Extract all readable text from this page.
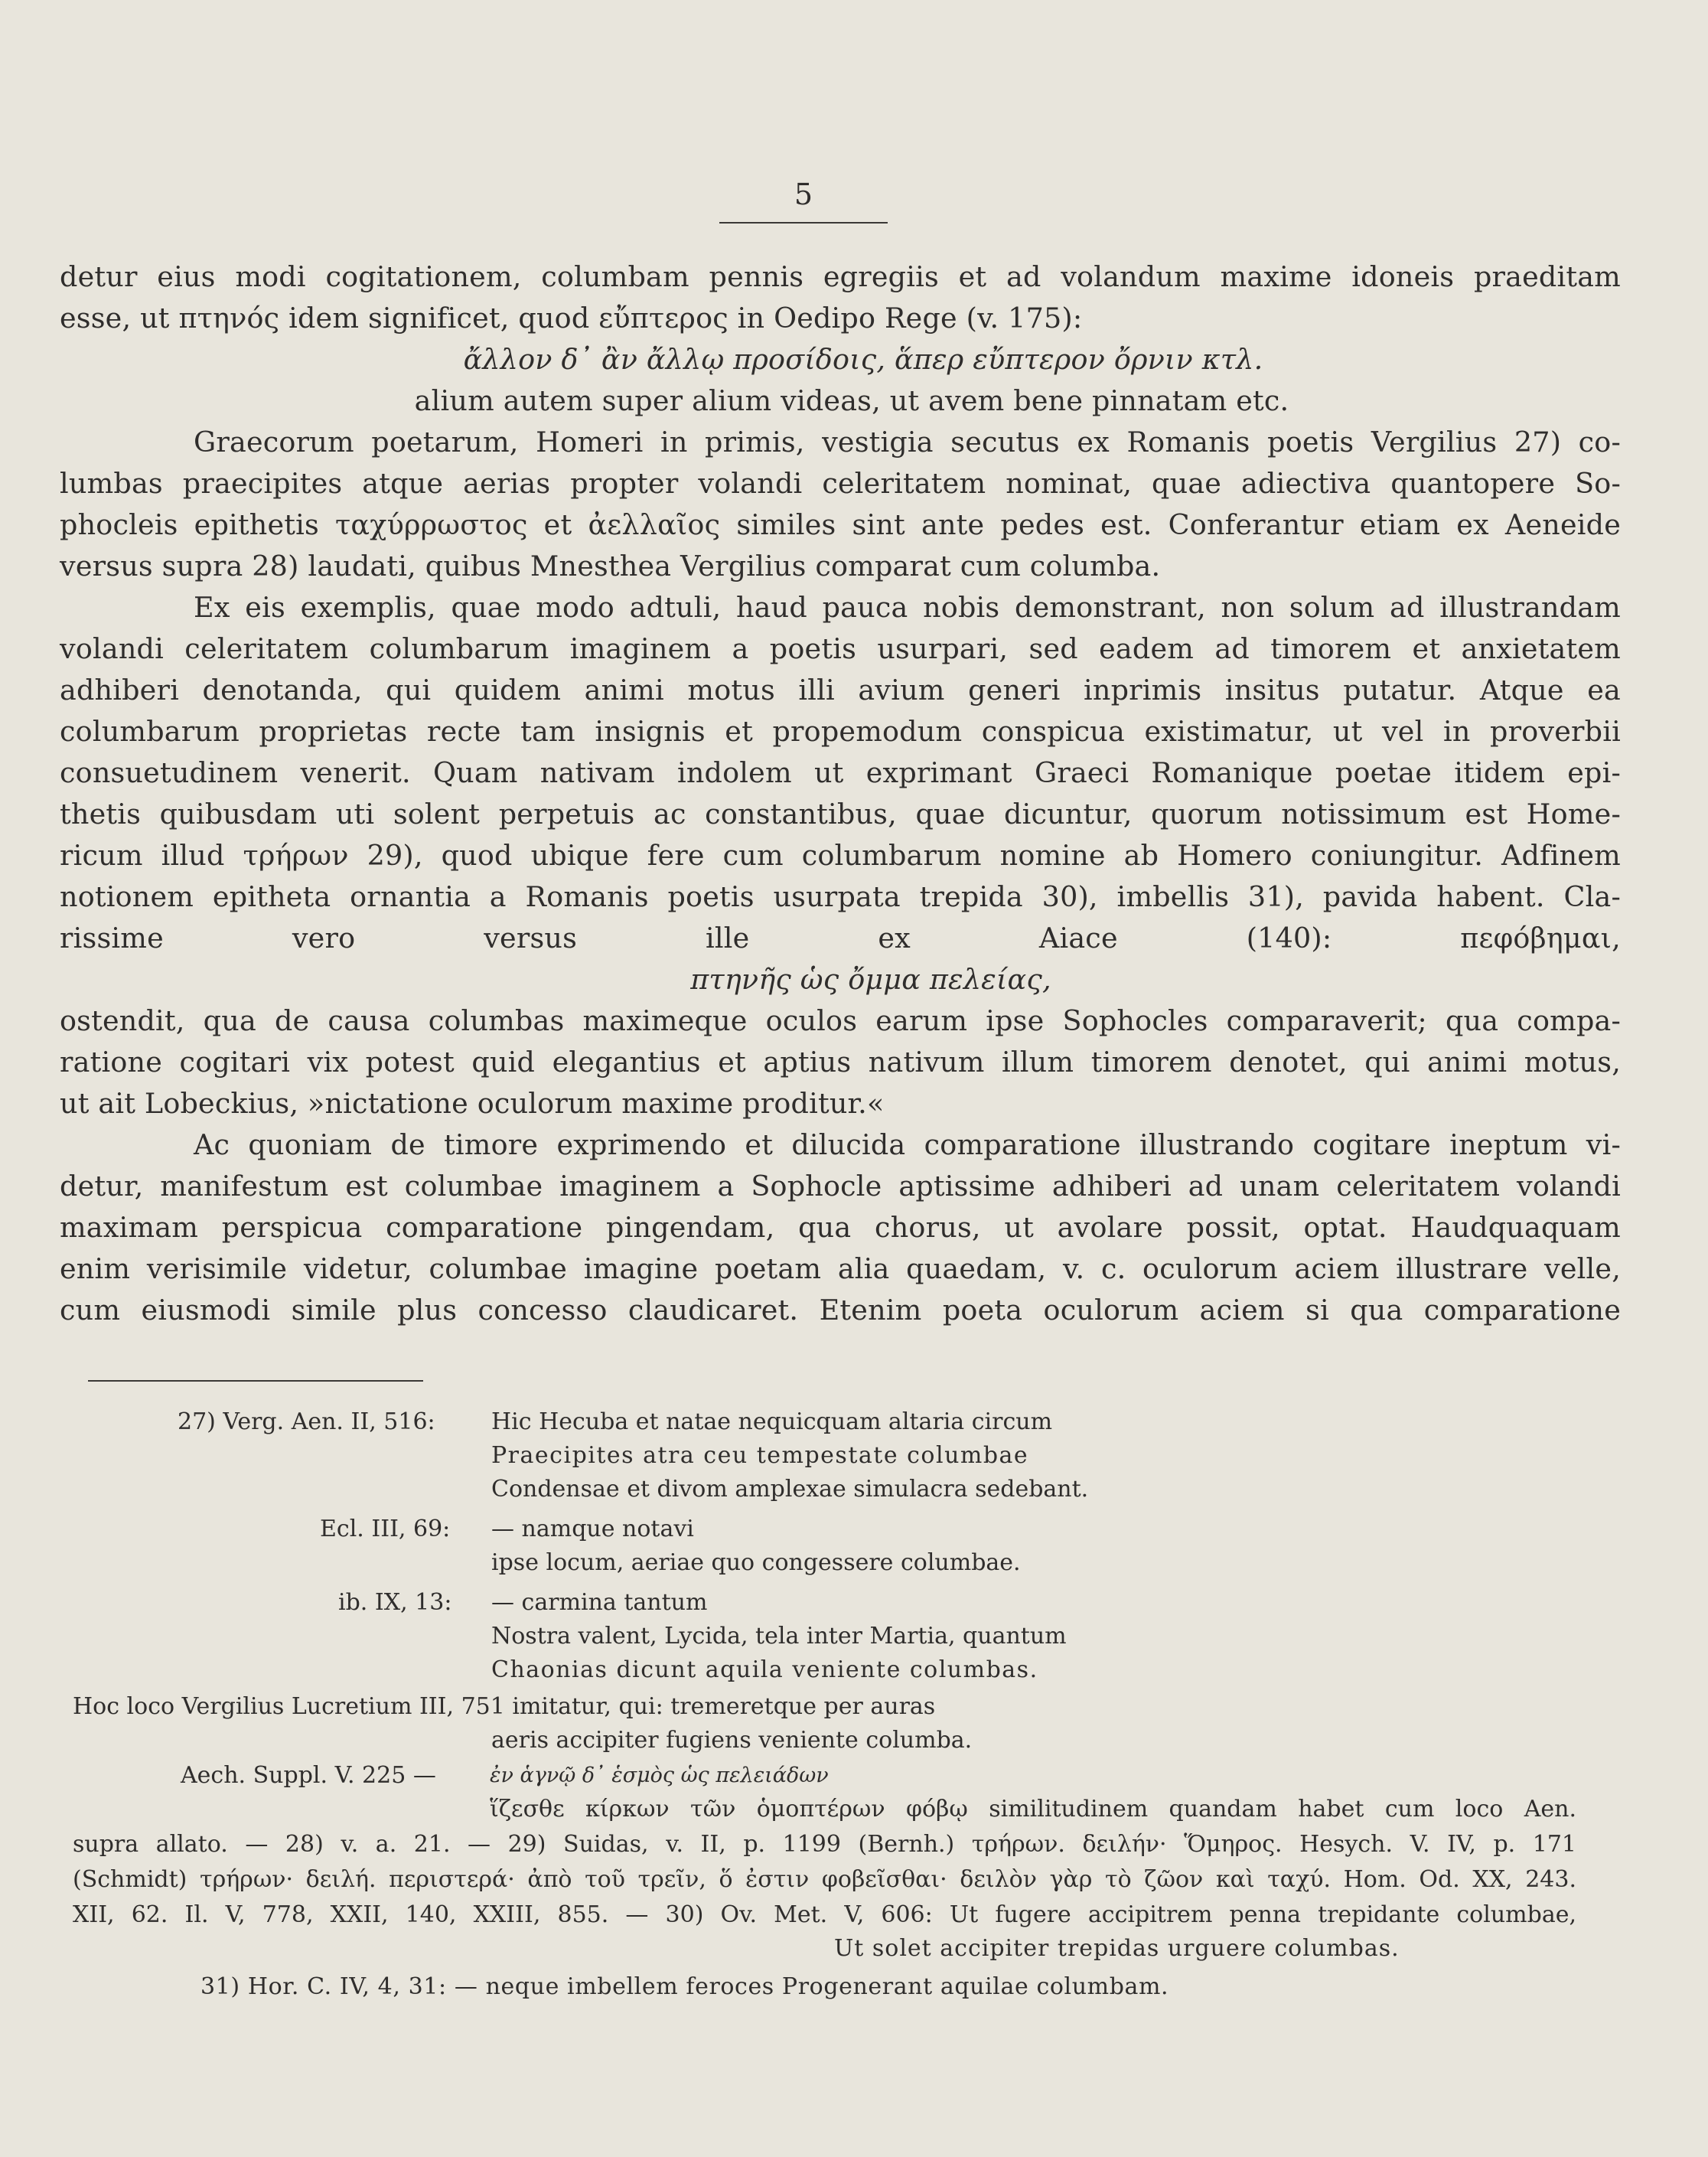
5
detur eius modi cogitationem, columbam pennis egregiis et ad volandum maxime idoneis praeditam
esse, ut πτηνός idem significet, quod εὔπτερος in Oedipo Rege (v. 175):
ἄλλον δ᾽ ἂν ἄλλῳ προσίδοις, ἅπερ εὔπτερον ὄρνιν κτλ.
alium autem super alium videas, ut avem bene pinnatam etc.
Graecorum poetarum, Homeri in primis, vestigia secutus ex Romanis poetis Vergilius 27) co-
lumbas praecipites atque aerias propter volandi celeritatem nominat, quae adiectiva quantopere So-
phocleis epithetis ταχύρρωστος et ἀελλαῖος similes sint ante pedes est. Conferantur etiam ex Aeneide
versus supra 28) laudati, quibus Mnesthea Vergilius comparat cum columba.
Ex eis exemplis, quae modo adtuli, haud pauca nobis demonstrant, non solum ad illustrandam
volandi celeritatem columbarum imaginem a poetis usurpari, sed eadem ad timorem et anxietatem
adhiberi denotanda, qui quidem animi motus illi avium generi inprimis insitus putatur. Atque ea
columbarum proprietas recte tam insignis et propemodum conspicua existimatur, ut vel in proverbii
consuetudinem venerit. Quam nativam indolem ut exprimant Graeci Romanique poetae itidem epi-
thetis quibusdam uti solent perpetuis ac constantibus, quae dicuntur, quorum notissimum est Home-
ricum illud τρήρων 29), quod ubique fere cum columbarum nomine ab Homero coniungitur. Adfinem
notionem epitheta ornantia a Romanis poetis usurpata trepida 30), imbellis 31), pavida habent. Cla-
rissime vero versus ille ex Aiace (140): πεφόβημαι,
πτηνῆς ὡς ὄμμα πελείας,
ostendit, qua de causa columbas maximeque oculos earum ipse Sophocles comparaverit; qua compa-
ratione cogitari vix potest quid elegantius et aptius nativum illum timorem denotet, qui animi motus,
ut ait Lobeckius, »nictatione oculorum maxime proditur.«
Ac quoniam de timore exprimendo et dilucida comparatione illustrando cogitare ineptum vi-
detur, manifestum est columbae imaginem a Sophocle aptissime adhiberi ad unam celeritatem volandi
maximam perspicua comparatione pingendam, qua chorus, ut avolare possit, optat. Haudquaquam
enim verisimile videtur, columbae imagine poetam alia quaedam, v. c. oculorum aciem illustrare velle,
cum eiusmodi simile plus concesso claudicaret. Etenim poeta oculorum aciem si qua comparatione
27) Verg. Aen. II, 516: Hic Hecuba et natae nequicquam altaria circum
Praecipites atra ceu tempestate columbae
Condensae et divom amplexae simulacra sedebant.
Ecl. III, 69: — namque notavi
ipse locum, aeriae quo congessere columbae.
ib. IX, 13: — carmina tantum
Nostra valent, Lycida, tela inter Martia, quantum
Chaonias dicunt aquila veniente columbas.
Hoc loco Vergilius Lucretium III, 751 imitatur, qui: tremeretque per auras
aeris accipiter fugiens veniente columba.
Aech. Suppl. V. 225 —	ἐν ἁγνῷ δ᾽ ἑσμὸς ὡς πελειάδων
ἵζεσθε κίρκων τῶν ὁμοπτέρων φόβῳ similitudinem quandam habet cum loco Aen.
supra allato. — 28) v. a. 21. — 29) Suidas, v. II, p. 1199 (Bernh.) τρήρων. δειλήν· Ὅμηρος. Hesych. V. IV, p. 171
(Schmidt) τρήρων· δειλή. περιστερά· ἀπὸ τοῦ τρεῖν, ὅ ἐστιν φοβεῖσθαι· δειλὸν γὰρ τὸ ζῶον καὶ ταχύ. Hom. Od. XX, 243.
XII, 62. Il. V, 778, XXII, 140, XXIII, 855. — 30) Ov. Met. V, 606: Ut fugere accipitrem penna trepidante columbae,
Ut solet accipiter trepidas urguere columbas.
31) Hor. C. IV, 4, 31: — neque imbellem feroces Progenerant aquilae columbam.
